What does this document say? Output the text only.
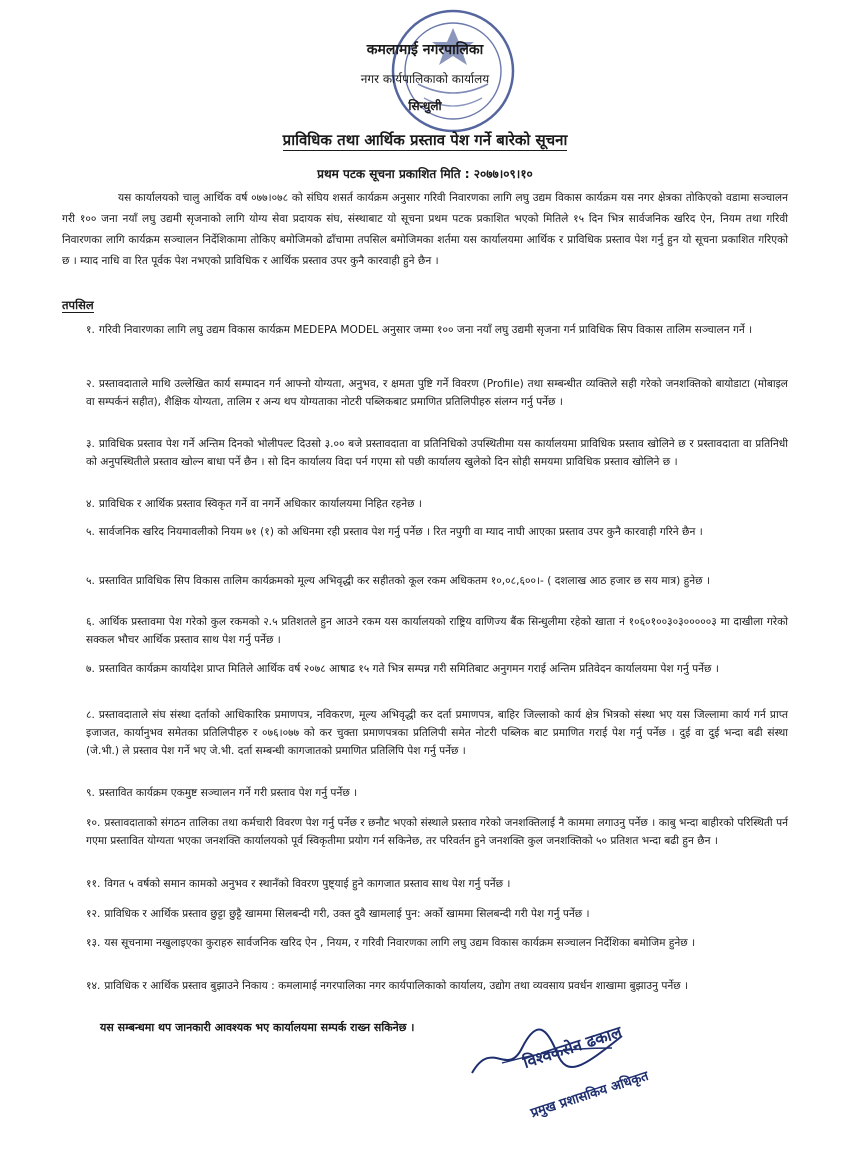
कमलामाई नगरपालिका
नगर कार्यपालिकाको कार्यालय
सिन्धुली
प्राविधिक तथा आर्थिक प्रस्ताव पेश गर्ने बारेको सूचना
प्रथम पटक सूचना प्रकाशित मिति : २०७७।०९।१०

यस कार्यालयको चालु आर्थिक वर्ष ०७७।०७८ को संघिय शसर्त कार्यक्रम अनुसार गरिवी निवारणका लागि लघु उद्यम विकास कार्यक्रम यस नगर क्षेत्रका तोकिएको वडामा सञ्चालन गरी १०० जना नयाँ लघु उद्यमी सृजनाको लागि योग्य सेवा प्रदायक संघ, संस्थाबाट यो सूचना प्रथम पटक प्रकाशित भएको मितिले १५ दिन भित्र सार्वजनिक खरिद ऐन, नियम तथा गरिवी निवारणका लागि कार्यक्रम सञ्चालन निर्देशिकामा तोकिए बमोजिमको ढाँचामा तपसिल बमोजिमका शर्तमा यस कार्यालयमा आर्थिक र प्राविधिक प्रस्ताव पेश गर्नु हुन यो सूचना प्रकाशित गरिएको छ । म्याद नाधि वा रित पूर्वक पेश नभएको प्राविधिक र आर्थिक प्रस्ताव उपर कुनै कारवाही हुने छैन ।

तपसिल

१. गरिवी निवारणका लागि लघु उद्यम विकास कार्यक्रम MEDEPA MODEL अनुसार जम्मा १०० जना नयाँ लघु उद्यमी सृजना गर्न प्राविधिक सिप विकास तालिम सञ्चालन गर्ने ।

२. प्रस्तावदाताले माथि उल्लेखित कार्य सम्पादन गर्न आफ्नो योग्यता, अनुभव, र क्षमता पुष्टि गर्ने विवरण (Profile) तथा सम्बन्धीत व्यक्तिले सही गरेको जनशक्तिको बायोडाटा (मोबाइल वा सम्पर्कनं सहीत), शैक्षिक योग्यता, तालिम र अन्य थप योग्यताका नोटरी पब्लिकबाट प्रमाणित प्रतिलिपीहरु संलग्न गर्नु पर्नेछ ।

३. प्राविधिक प्रस्ताव पेश गर्ने अन्तिम दिनको भोलीपल्ट दिउसो ३.०० बजे प्रस्तावदाता वा प्रतिनिधिको उपस्थितीमा यस कार्यालयमा प्राविधिक प्रस्ताव खोलिने छ र प्रस्तावदाता वा प्रतिनिधी को अनुपस्थितीले प्रस्ताव खोल्न बाधा पर्ने छैन । सो दिन कार्यालय विदा पर्न गएमा सो पछी कार्यालय खुलेको दिन सोही समयमा प्राविधिक प्रस्ताव खोलिने छ ।

४. प्राविधिक र आर्थिक प्रस्ताव स्विकृत गर्ने वा नगर्ने अधिकार कार्यालयमा निहित रहनेछ ।

५. सार्वजनिक खरिद नियमावलीको नियम ७१ (१) को अधिनमा रही प्रस्ताव पेश गर्नु पर्नेछ । रित नपुगी वा म्याद नाघी आएका प्रस्ताव उपर कुनै कारवाही गरिने छैन ।

५. प्रस्तावित प्राविधिक सिप विकास तालिम कार्यक्रमको मूल्य अभिवृद्धी कर सहीतको कूल रकम अधिकतम १०,०८,६००।- ( दशलाख आठ हजार छ सय मात्र) हुनेछ ।

६. आर्थिक प्रस्तावमा पेश गरेको कुल रकमको २.५ प्रतिशतले हुन आउने रकम यस कार्यालयको राष्ट्रिय वाणिज्य बैंक सिन्धुलीमा रहेको खाता नं १०६०१००३०३०००००३ मा दाखीला गरेको सक्कल भौचर आर्थिक प्रस्ताव साथ पेश गर्नु पर्नेछ ।

७. प्रस्तावित कार्यक्रम कार्यादेश प्राप्त मितिले आर्थिक वर्ष २०७८ आषाढ १५ गते भित्र सम्पन्न गरी समितिबाट अनुगमन गराई अन्तिम प्रतिवेदन कार्यालयमा पेश गर्नु पर्नेछ ।

८. प्रस्तावदाताले संघ संस्था दर्ताको आधिकारिक प्रमाणपत्र, नविकरण, मूल्य अभिवृद्धी कर दर्ता प्रमाणपत्र, बाहिर जिल्लाको कार्य क्षेत्र भित्रको संस्था भए यस जिल्लामा कार्य गर्न प्राप्त इजाजत, कार्यानुभव समेतका प्रतिलिपीहरु र ०७६।०७७ को कर चुक्ता प्रमाणपत्रका प्रतिलिपी समेत नोटरी पब्लिक बाट प्रमाणित गराई पेश गर्नु पर्नेछ । दुई वा दुई भन्दा बढी संस्था (जे.भी.) ले प्रस्ताव पेश गर्ने भए जे.भी. दर्ता सम्बन्धी कागजातको प्रमाणित प्रतिलिपि पेश गर्नु पर्नेछ ।

९. प्रस्तावित कार्यक्रम एकमुष्ट सञ्चालन गर्ने गरी प्रस्ताव पेश गर्नु पर्नेछ ।

१०. प्रस्तावदाताको संगठन तालिका तथा कर्मचारी विवरण पेश गर्नु पर्नेछ र छनौट भएको संस्थाले प्रस्ताव गरेको जनशक्तिलाई नै काममा लगाउनु पर्नेछ । काबु भन्दा बाहीरको परिस्थिती पर्न गएमा प्रस्तावित योग्यता भएका जनशक्ति कार्यालयको पूर्व स्विकृतीमा प्रयोग गर्न सकिनेछ, तर परिवर्तन हुने जनशक्ति कुल जनशक्तिको ५० प्रतिशत भन्दा बढी हुन छैन ।

११. विगत ५ वर्षको समान कामको अनुभव र स्थानँको विवरण पुष्ट्याई हुने कागजात प्रस्ताव साथ पेश गर्नु पर्नेछ ।

१२. प्राविधिक र आर्थिक प्रस्ताव छुट्टा छुट्टै खाममा सिलबन्दी गरी, उक्त दुवै खामलाई पुन: अर्को खाममा सिलबन्दी गरी पेश गर्नु पर्नेछ ।

१३. यस सूचनामा नखुलाइएका कुराहरु सार्वजनिक खरिद ऐन , नियम, र गरिवी निवारणका लागि लघु उद्यम विकास कार्यक्रम सञ्चालन निर्देशिका बमोजिम हुनेछ ।

१४. प्राविधिक र आर्थिक प्रस्ताव बुझाउने निकाय : कमलामाई नगरपालिका नगर कार्यपालिकाको कार्यालय, उद्योग तथा व्यवसाय प्रवर्धन शाखामा बुझाउनु पर्नेछ ।

यस सम्बन्धमा थप जानकारी आवश्यक भए कार्यालयमा सम्पर्क राख्न सकिनेछ ।	विश्वकसेन ढकाल
प्रमुख प्रशासकिय अधिकृत
